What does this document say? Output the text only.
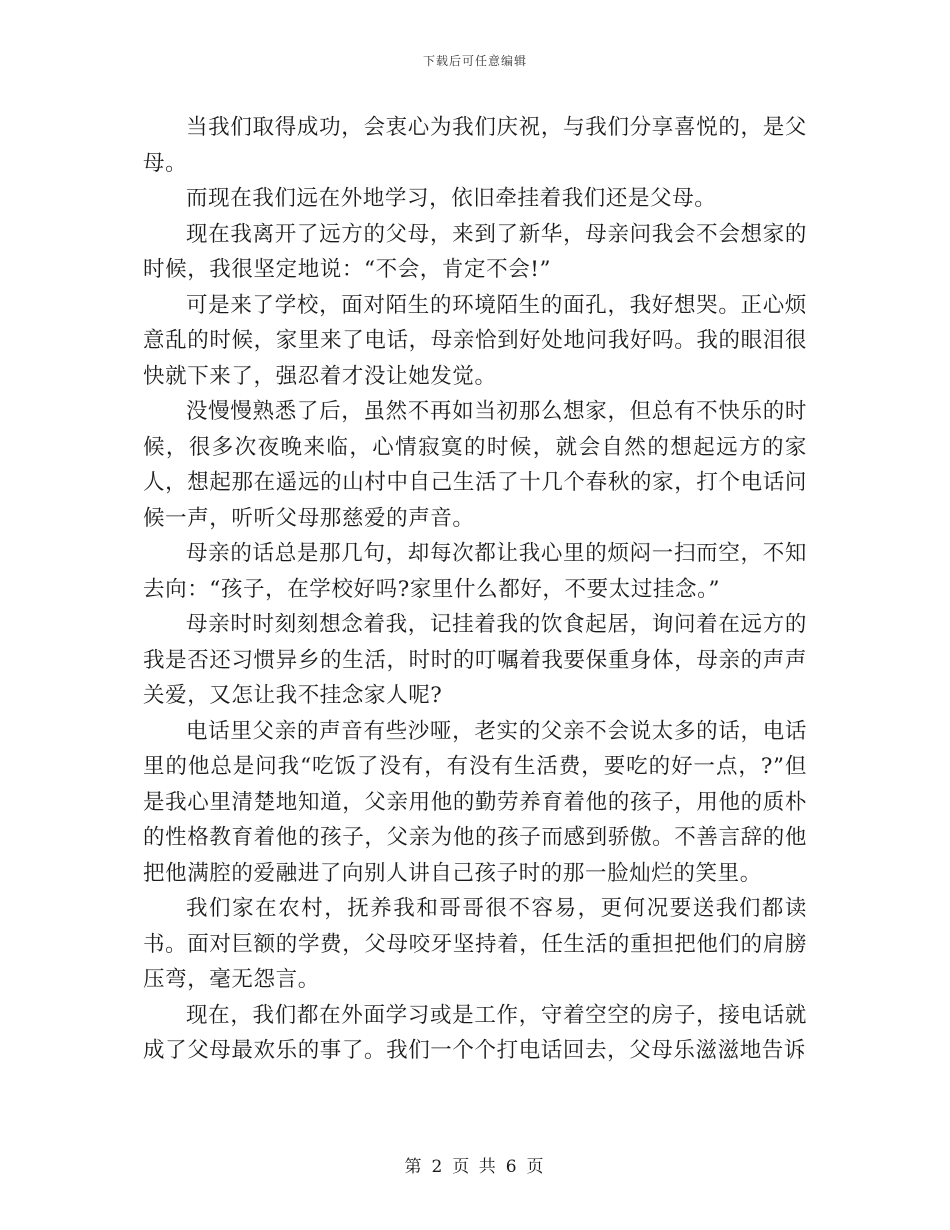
下载后可任意编辑

当我们取得成功，会衷心为我们庆祝，与我们分享喜悦的，是父母。

而现在我们远在外地学习，依旧牵挂着我们还是父母。

现在我离开了远方的父母，来到了新华，母亲问我会不会想家的时候，我很坚定地说：“不会，肯定不会!”

可是来了学校，面对陌生的环境陌生的面孔，我好想哭。正心烦意乱的时候，家里来了电话，母亲恰到好处地问我好吗。我的眼泪很快就下来了，强忍着才没让她发觉。

没慢慢熟悉了后，虽然不再如当初那么想家，但总有不快乐的时候，很多次夜晚来临，心情寂寞的时候，就会自然的想起远方的家人，想起那在遥远的山村中自己生活了十几个春秋的家，打个电话问候一声，听听父母那慈爱的声音。

母亲的话总是那几句，却每次都让我心里的烦闷一扫而空，不知去向：“孩子，在学校好吗?家里什么都好，不要太过挂念。”

母亲时时刻刻想念着我，记挂着我的饮食起居，询问着在远方的我是否还习惯异乡的生活，时时的叮嘱着我要保重身体，母亲的声声关爱，又怎让我不挂念家人呢?

电话里父亲的声音有些沙哑，老实的父亲不会说太多的话，电话里的他总是问我“吃饭了没有，有没有生活费，要吃的好一点，?”但是我心里清楚地知道，父亲用他的勤劳养育着他的孩子，用他的质朴的性格教育着他的孩子，父亲为他的孩子而感到骄傲。不善言辞的他把他满腔的爱融进了向别人讲自己孩子时的那一脸灿烂的笑里。

我们家在农村，抚养我和哥哥很不容易，更何况要送我们都读书。面对巨额的学费，父母咬牙坚持着，任生活的重担把他们的肩膀压弯，毫无怨言。

现在，我们都在外面学习或是工作，守着空空的房子，接电话就成了父母最欢乐的事了。我们一个个打电话回去，父母乐滋滋地告诉

第 2 页 共 6 页
